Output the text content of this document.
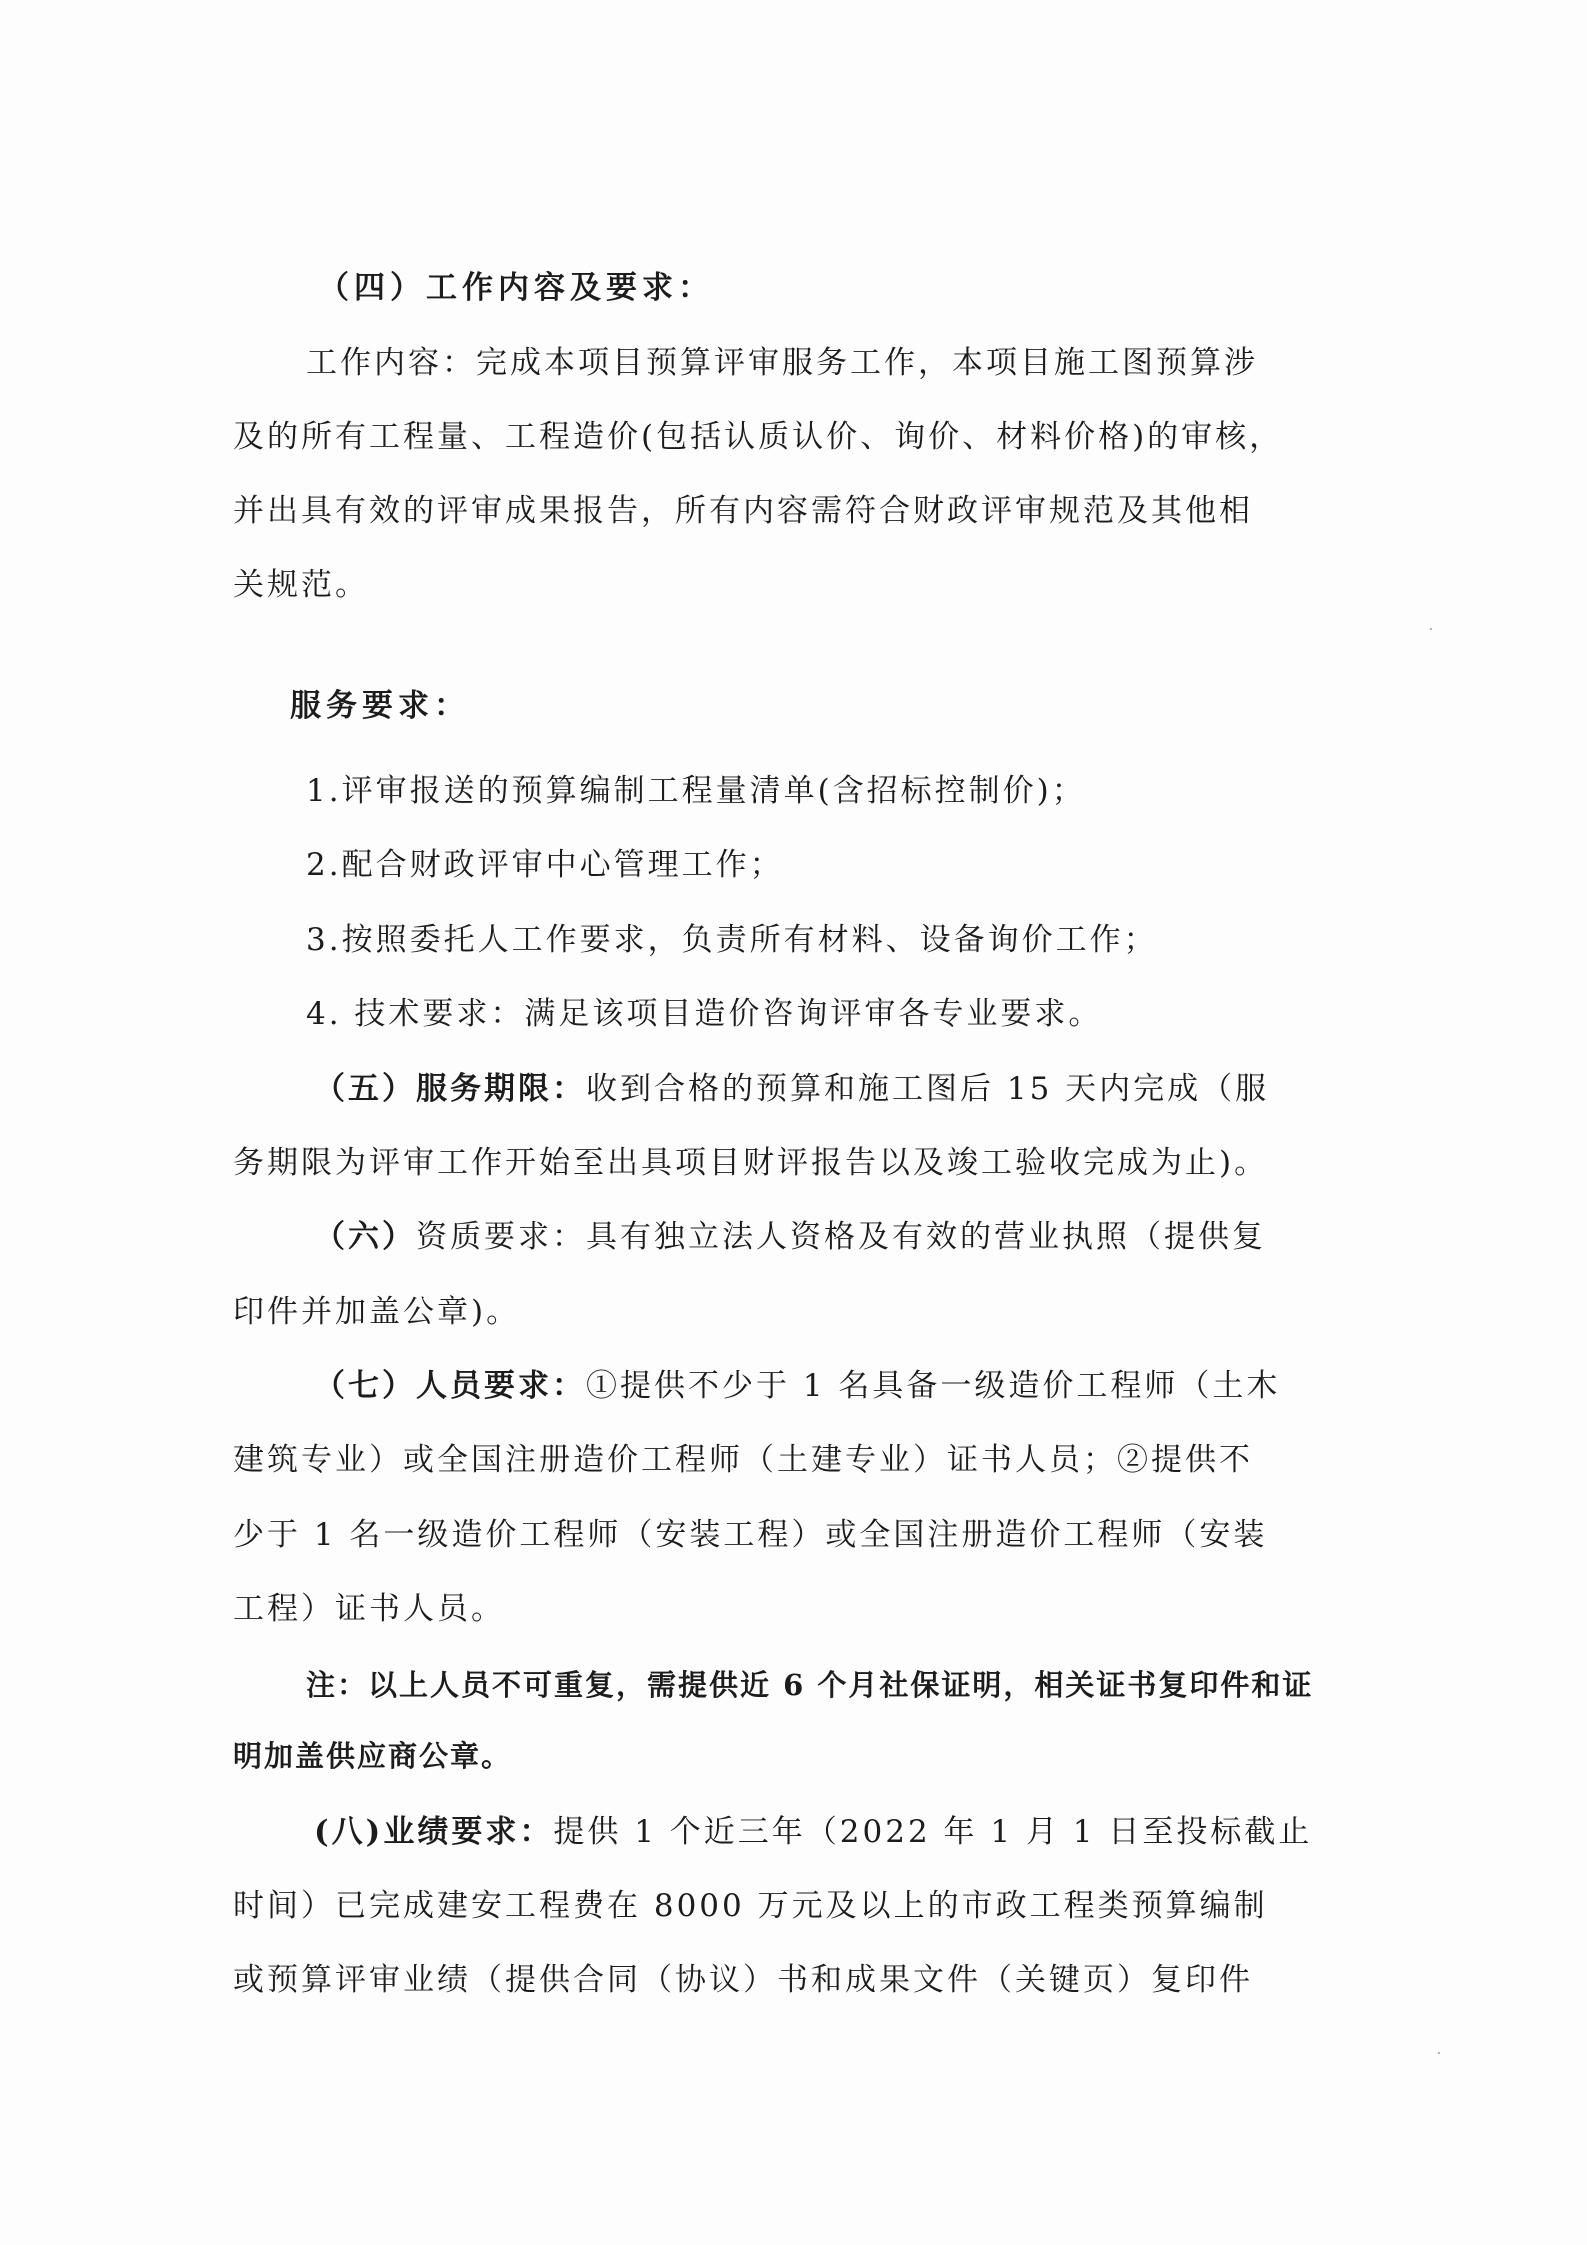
（四）工作内容及要求：
工作内容：完成本项目预算评审服务工作，本项目施工图预算涉
及的所有工程量、工程造价(包括认质认价、询价、材料价格)的审核，
并出具有效的评审成果报告，所有内容需符合财政评审规范及其他相
关规范。
服务要求：
1.评审报送的预算编制工程量清单(含招标控制价)；
2.配合财政评审中心管理工作；
3.按照委托人工作要求，负责所有材料、设备询价工作；
4. 技术要求：满足该项目造价咨询评审各专业要求。
（五）服务期限：收到合格的预算和施工图后 15 天内完成（服
务期限为评审工作开始至出具项目财评报告以及竣工验收完成为止)。
（六）资质要求：具有独立法人资格及有效的营业执照（提供复
印件并加盖公章)。
（七）人员要求：①提供不少于 1 名具备一级造价工程师（土木
建筑专业）或全国注册造价工程师（土建专业）证书人员；②提供不
少于 1 名一级造价工程师（安装工程）或全国注册造价工程师（安装
工程）证书人员。
注：以上人员不可重复，需提供近 6 个月社保证明，相关证书复印件和证
明加盖供应商公章。
(八)业绩要求：提供 1 个近三年（2022 年 1 月 1 日至投标截止
时间）已完成建安工程费在 8000 万元及以上的市政工程类预算编制
或预算评审业绩（提供合同（协议）书和成果文件（关键页）复印件
